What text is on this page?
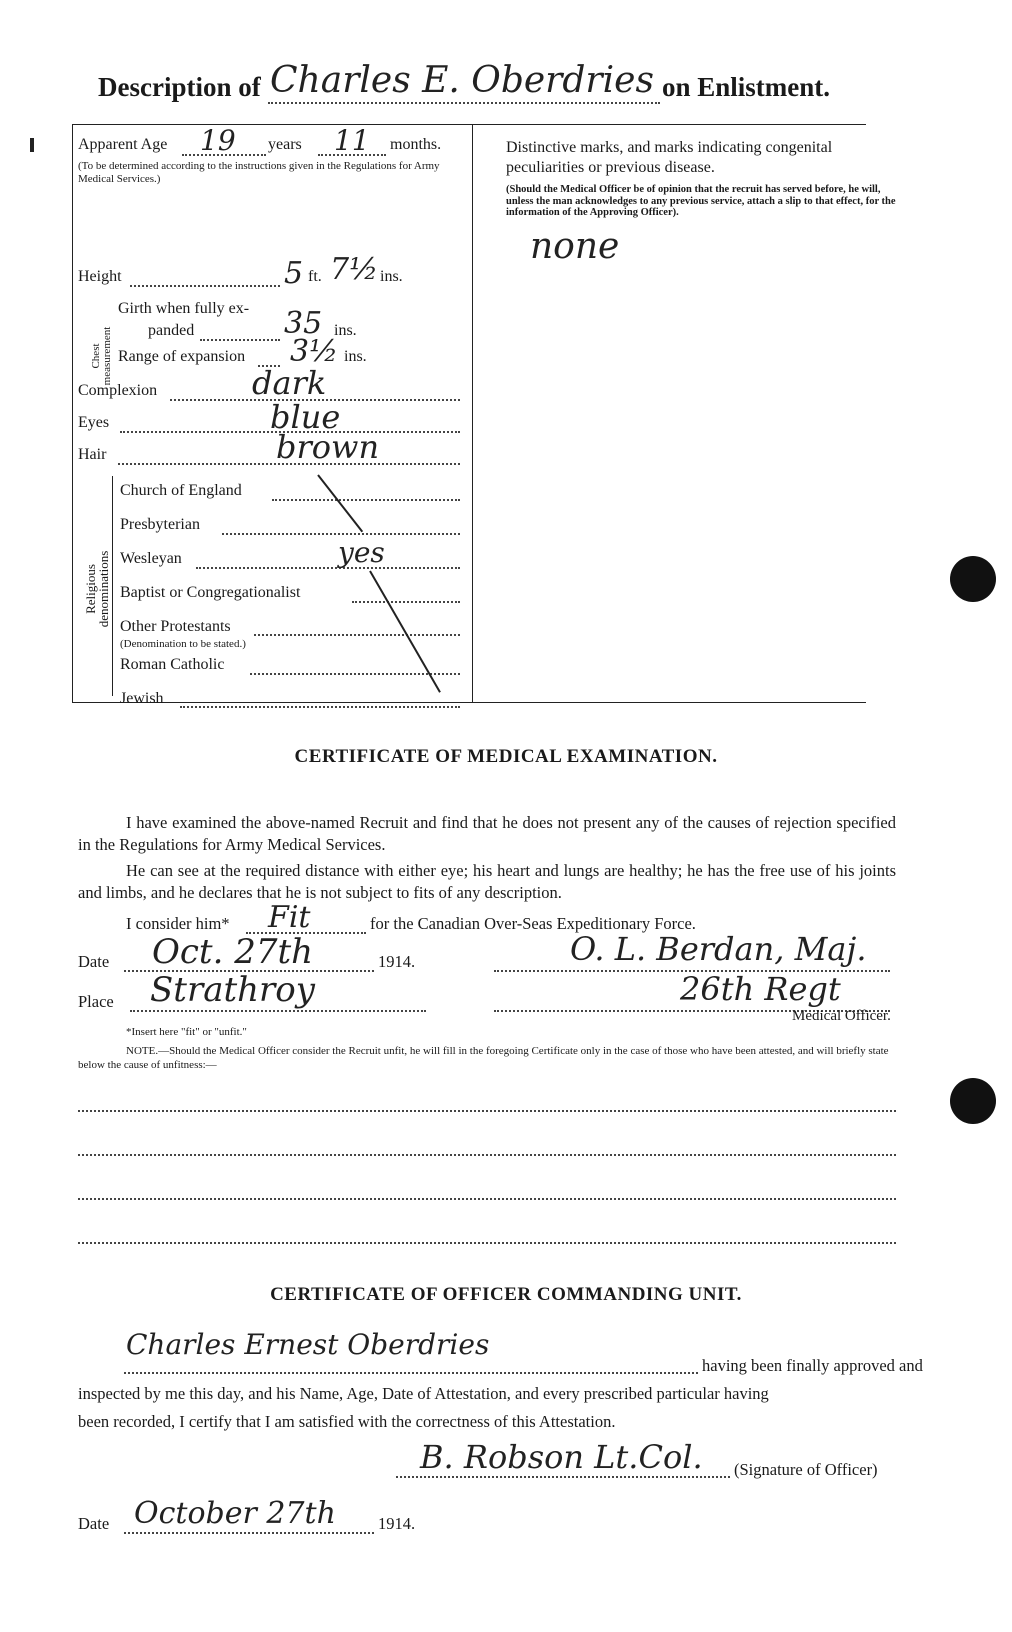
Description of Charles E. Oberdries on Enlistment.
Apparent Age 19 years 11 months.
(To be determined according to the instructions given in the Regulations for Army Medical Services.)
Height	5 ft. 7½ ins.
Chest measurement
Girth when fully ex-
panded	35 ins.
Range of expansion 3½ ins.
Complexion	dark
Eyes	blue
Hair	brown
Religious denominations
Church of England
Presbyterian
Wesleyan	yes
Baptist or Congregationalist
Other Protestants
(Denomination to be stated.)
Roman Catholic
Jewish
Distinctive marks, and marks indicating congenital peculiarities or previous disease.
(Should the Medical Officer be of opinion that the recruit has served before, he will, unless the man acknowledges to any previous service, attach a slip to that effect, for the information of the Approving Officer).
none
CERTIFICATE OF MEDICAL EXAMINATION.
I have examined the above-named Recruit and find that he does not present any of the causes of rejection specified in the Regulations for Army Medical Services.
He can see at the required distance with either eye; his heart and lungs are healthy; he has the free use of his joints and limbs, and he declares that he is not subject to fits of any description.
I consider him* Fit	for the Canadian Over-Seas Expeditionary Force.
Date Oct. 27th	1914.	O. L. Berdan, Maj.
Place Strathroy	26th Regt
Medical Officer.
*Insert here "fit" or "unfit."
NOTE.—Should the Medical Officer consider the Recruit unfit, he will fill in the foregoing Certificate only in the case of those who have been attested, and will briefly state below the cause of unfitness:—
CERTIFICATE OF OFFICER COMMANDING UNIT.
Charles Ernest Oberdries
having been finally approved and
inspected by me this day, and his Name, Age, Date of Attestation, and every prescribed particular having
been recorded, I certify that I am satisfied with the correctness of this Attestation.
B. Robson Lt.Col. (Signature of Officer)
Date October 27th	1914.
